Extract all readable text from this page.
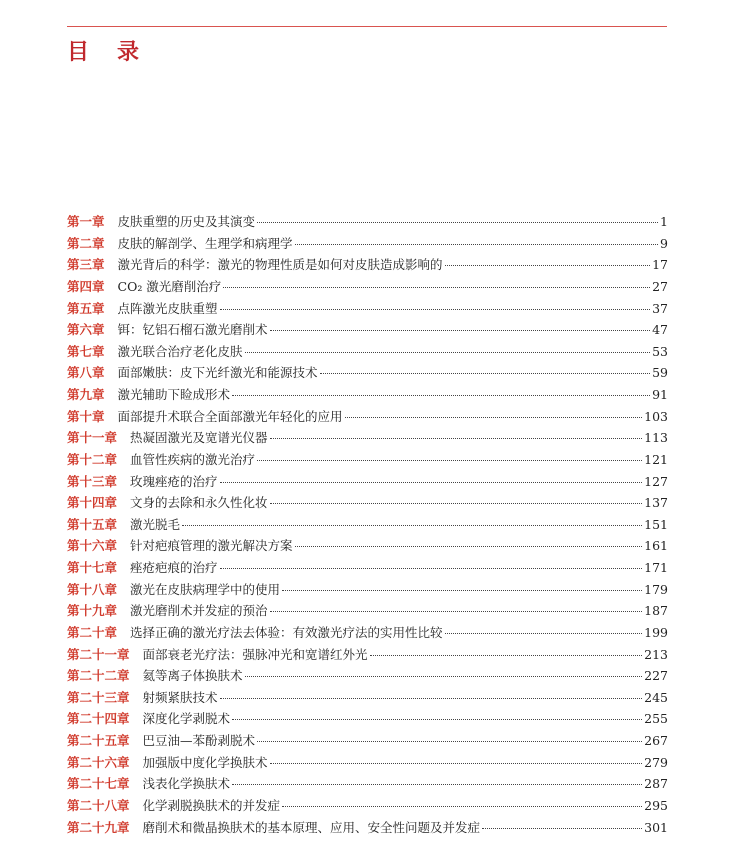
目 录
第一章 皮肤重塑的历史及其演变	1
第二章 皮肤的解剖学、生理学和病理学	9
第三章 激光背后的科学：激光的物理性质是如何对皮肤造成影响的	17
第四章 CO₂ 激光磨削治疗	27
第五章 点阵激光皮肤重塑	37
第六章 铒：钇铝石榴石激光磨削术	47
第七章 激光联合治疗老化皮肤	53
第八章 面部嫩肤：皮下光纤激光和能源技术	59
第九章 激光辅助下睑成形术	91
第十章 面部提升术联合全面部激光年轻化的应用	103
第十一章 热凝固激光及宽谱光仪器	113
第十二章 血管性疾病的激光治疗	121
第十三章 玫瑰痤疮的治疗	127
第十四章 文身的去除和永久性化妆	137
第十五章 激光脱毛	151
第十六章 针对疤痕管理的激光解决方案	161
第十七章 痤疮疤痕的治疗	171
第十八章 激光在皮肤病理学中的使用	179
第十九章 激光磨削术并发症的预治	187
第二十章 选择正确的激光疗法去体验：有效激光疗法的实用性比较	199
第二十一章 面部衰老光疗法：强脉冲光和宽谱红外光	213
第二十二章 氦等离子体换肤术	227
第二十三章 射频紧肤技术	245
第二十四章 深度化学剥脱术	255
第二十五章 巴豆油—苯酚剥脱术	267
第二十六章 加强版中度化学换肤术	279
第二十七章 浅表化学换肤术	287
第二十八章 化学剥脱换肤术的并发症	295
第二十九章 磨削术和微晶换肤术的基本原理、应用、安全性问题及并发症	301
